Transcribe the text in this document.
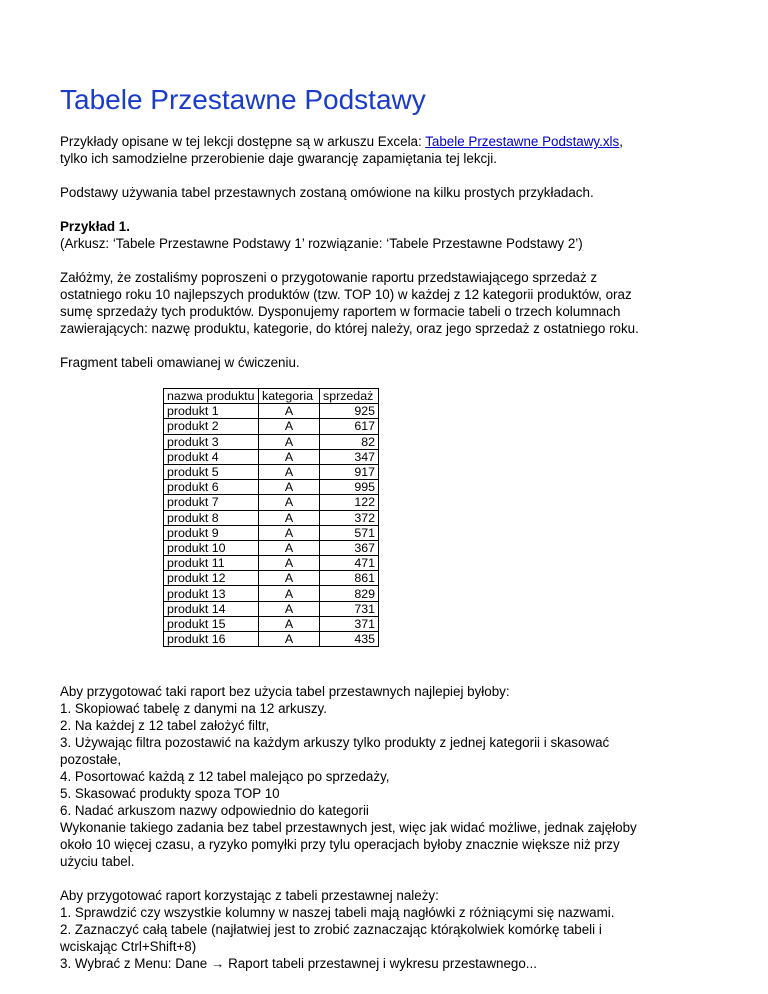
Tabele Przestawne Podstawy

Przykłady opisane w tej lekcji dostępne są w arkuszu Excela: Tabele Przestawne Podstawy.xls,
tylko ich samodzielne przerobienie daje gwarancję zapamiętania tej lekcji.

Podstawy używania tabel przestawnych zostaną omówione na kilku prostych przykładach.

Przykład 1.
(Arkusz: ‘Tabele Przestawne Podstawy 1’ rozwiązanie: ‘Tabele Przestawne Podstawy 2’)

Załóżmy, że zostaliśmy poproszeni o przygotowanie raportu przedstawiającego sprzedaż z
ostatniego roku 10 najlepszych produktów (tzw. TOP 10) w każdej z 12 kategorii produktów, oraz
sumę sprzedaży tych produktów. Dysponujemy raportem w formacie tabeli o trzech kolumnach
zawierających: nazwę produktu, kategorie, do której należy, oraz jego sprzedaż z ostatniego roku.

Fragment tabeli omawianej w ćwiczeniu.

nazwa produktu	kategoria	sprzedaż
produkt 1	A	925
produkt 2	A	617
produkt 3	A	82
produkt 4	A	347
produkt 5	A	917
produkt 6	A	995
produkt 7	A	122
produkt 8	A	372
produkt 9	A	571
produkt 10	A	367
produkt 11	A	471
produkt 12	A	861
produkt 13	A	829
produkt 14	A	731
produkt 15	A	371
produkt 16	A	435

Aby przygotować taki raport bez użycia tabel przestawnych najlepiej byłoby:
1. Skopiować tabelę z danymi na 12 arkuszy.
2. Na każdej z 12 tabel założyć filtr,
3. Używając filtra pozostawić na każdym arkuszy tylko produkty z jednej kategorii i skasować
pozostałe,
4. Posortować każdą z 12 tabel malejąco po sprzedaży,
5. Skasować produkty spoza TOP 10
6. Nadać arkuszom nazwy odpowiednio do kategorii
Wykonanie takiego zadania bez tabel przestawnych jest, więc jak widać możliwe, jednak zajęłoby
około 10 więcej czasu, a ryzyko pomyłki przy tylu operacjach byłoby znacznie większe niż przy
użyciu tabel.

Aby przygotować raport korzystając z tabeli przestawnej należy:
1. Sprawdzić czy wszystkie kolumny w naszej tabeli mają nagłówki z różniącymi się nazwami.
2. Zaznaczyć całą tabele (najłatwiej jest to zrobić zaznaczając którąkolwiek komórkę tabeli i
wciskając Ctrl+Shift+8)
3. Wybrać z Menu: Dane → Raport tabeli przestawnej i wykresu przestawnego...
